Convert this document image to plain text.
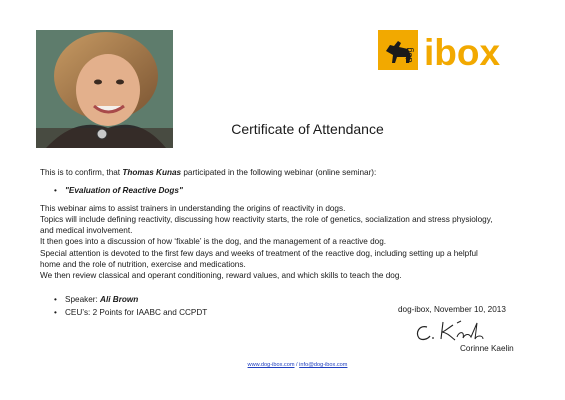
dog ibox
Certificate of Attendance

This is to confirm, that Thomas Kunas participated in the following webinar (online seminar):

• "Evaluation of Reactive Dogs"

This webinar aims to assist trainers in understanding the origins of reactivity in dogs.

Topics will include defining reactivity, discussing how reactivity starts, the role of genetics, socialization and stress physiology,

and medical involvement.

It then goes into a discussion of how ‘fixable’ is the dog, and the management of a reactive dog.

Special attention is devoted to the first few days and weeks of treatment of the reactive dog, including setting up a helpful

home and the role of nutrition, exercise and medications.

We then review classical and operant conditioning, reward values, and which skills to teach the dog.

• Speaker: Ali Brown
• CEU’s: 2 Points for IAABC and CCPDT	dog-ibox, November 10, 2013
Corinne Kaelin
www.dog-ibox.com / info@dog-ibox.com
